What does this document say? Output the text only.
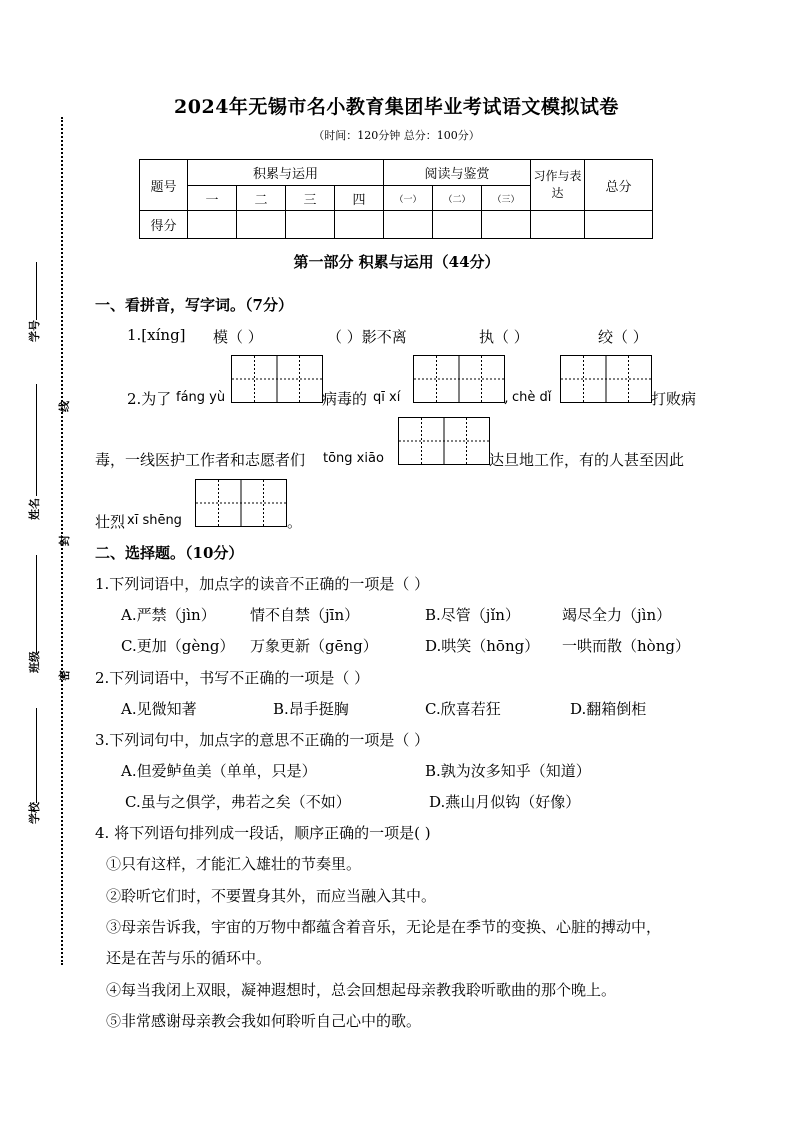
学号
线
姓名
封
班级
密
学校
2024年无锡市名小教育集团毕业考试语文模拟试卷
（时间：120分钟 总分：100分）
题号	积累与运用				阅读与鉴赏			习作与表达	总分
	一	二	三	四	（一）	（二）	（三）		
得分									
第一部分 积累与运用（44分）
一、看拼音，写字词。（7分）
1.[xíng] 模（ ）	（ ）影不离	执（ ）	绞（ ）
2.为了 fáng yù	病毒的 qī xí	, chè dǐ	打败病
毒，一线医护工作者和志愿者们 tōng xiāo	达旦地工作，有的人甚至因此
壮烈 xī shēng	。
二、选择题。（10分）
1.下列词语中，加点字的读音不正确的一项是（ ）
A.严禁（jìn） 情不自禁（jīn）	B.尽管（jǐn）	竭尽全力（jìn）
C.更加（gèng） 万象更新（gēng）	D.哄笑（hōng） 一哄而散（hòng）
2.下列词语中，书写不正确的一项是（ ）
A.见微知著	B.昂手挺胸	C.欣喜若狂	D.翻箱倒柜
3.下列词句中，加点字的意思不正确的一项是（ ）
A.但爱鲈鱼美（单单，只是）	B.孰为汝多知乎（知道）
C.虽与之俱学，弗若之矣（不如）	D.燕山月似钩（好像）
4. 将下列语句排列成一段话，顺序正确的一项是( )
①只有这样，才能汇入雄壮的节奏里。
②聆听它们时，不要置身其外，而应当融入其中。
③母亲告诉我，宇宙的万物中都蕴含着音乐，无论是在季节的变换、心脏的搏动中，
还是在苦与乐的循环中。
④每当我闭上双眼，凝神遐想时，总会回想起母亲教我聆听歌曲的那个晚上。
⑤非常感谢母亲教会我如何聆听自己心中的歌。
